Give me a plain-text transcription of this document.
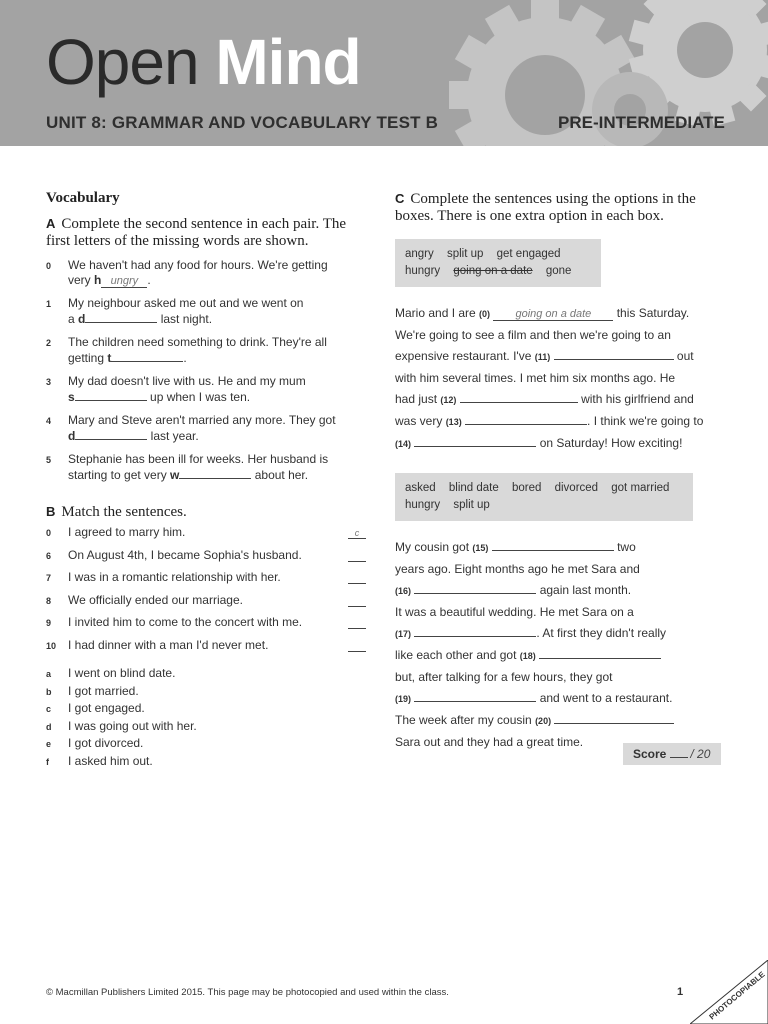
Open Mind
UNIT 8: GRAMMAR AND VOCABULARY TEST B	PRE-INTERMEDIATE
Vocabulary
A Complete the second sentence in each pair. The first letters of the missing words are shown.
0 We haven't had any food for hours. We're getting
very h ungry .
1 My neighbour asked me out and we went on
a d	last night.
2 The children need something to drink. They're all
getting t	.
3 My dad doesn't live with us. He and my mum
s	up when I was ten.
4 Mary and Steve aren't married any more. They got
d	last year.
5 Stephanie has been ill for weeks. Her husband is
starting to get very w	about her.
B Match the sentences.
0 I agreed to marry him.	c
6 On August 4th, I became Sophia's husband.
7 I was in a romantic relationship with her.
8 We officially ended our marriage.
9 I invited him to come to the concert with me.
10 I had dinner with a man I'd never met.
a I went on blind date.
b I got married.
c I got engaged.
d I was going out with her.
e I got divorced.
f I asked him out.
C Complete the sentences using the options in the boxes. There is one extra option in each box.
angry split up get engaged
hungry going on a date gone
Mario and I are (0) going on a date this Saturday.
We're going to see a film and then we're going to an
expensive restaurant. I've (11)	out
with him several times. I met him six months ago. He
had just (12)	with his girlfriend and
was very (13)	. I think we're going to
(14)	on Saturday! How exciting!
asked blind date bored divorced got married
hungry split up
My cousin got (15)	two
years ago. Eight months ago he met Sara and
(16)	again last month.
It was a beautiful wedding. He met Sara on a
(17)	. At first they didn't really
like each other and got (18)
but, after talking for a few hours, they got
(19)	and went to a restaurant.
The week after my cousin (20)
Sara out and they had a great time.
Score / 20
© Macmillan Publishers Limited 2015. This page may be photocopied and used within the class.	1	PHOTOCOPIABLE
